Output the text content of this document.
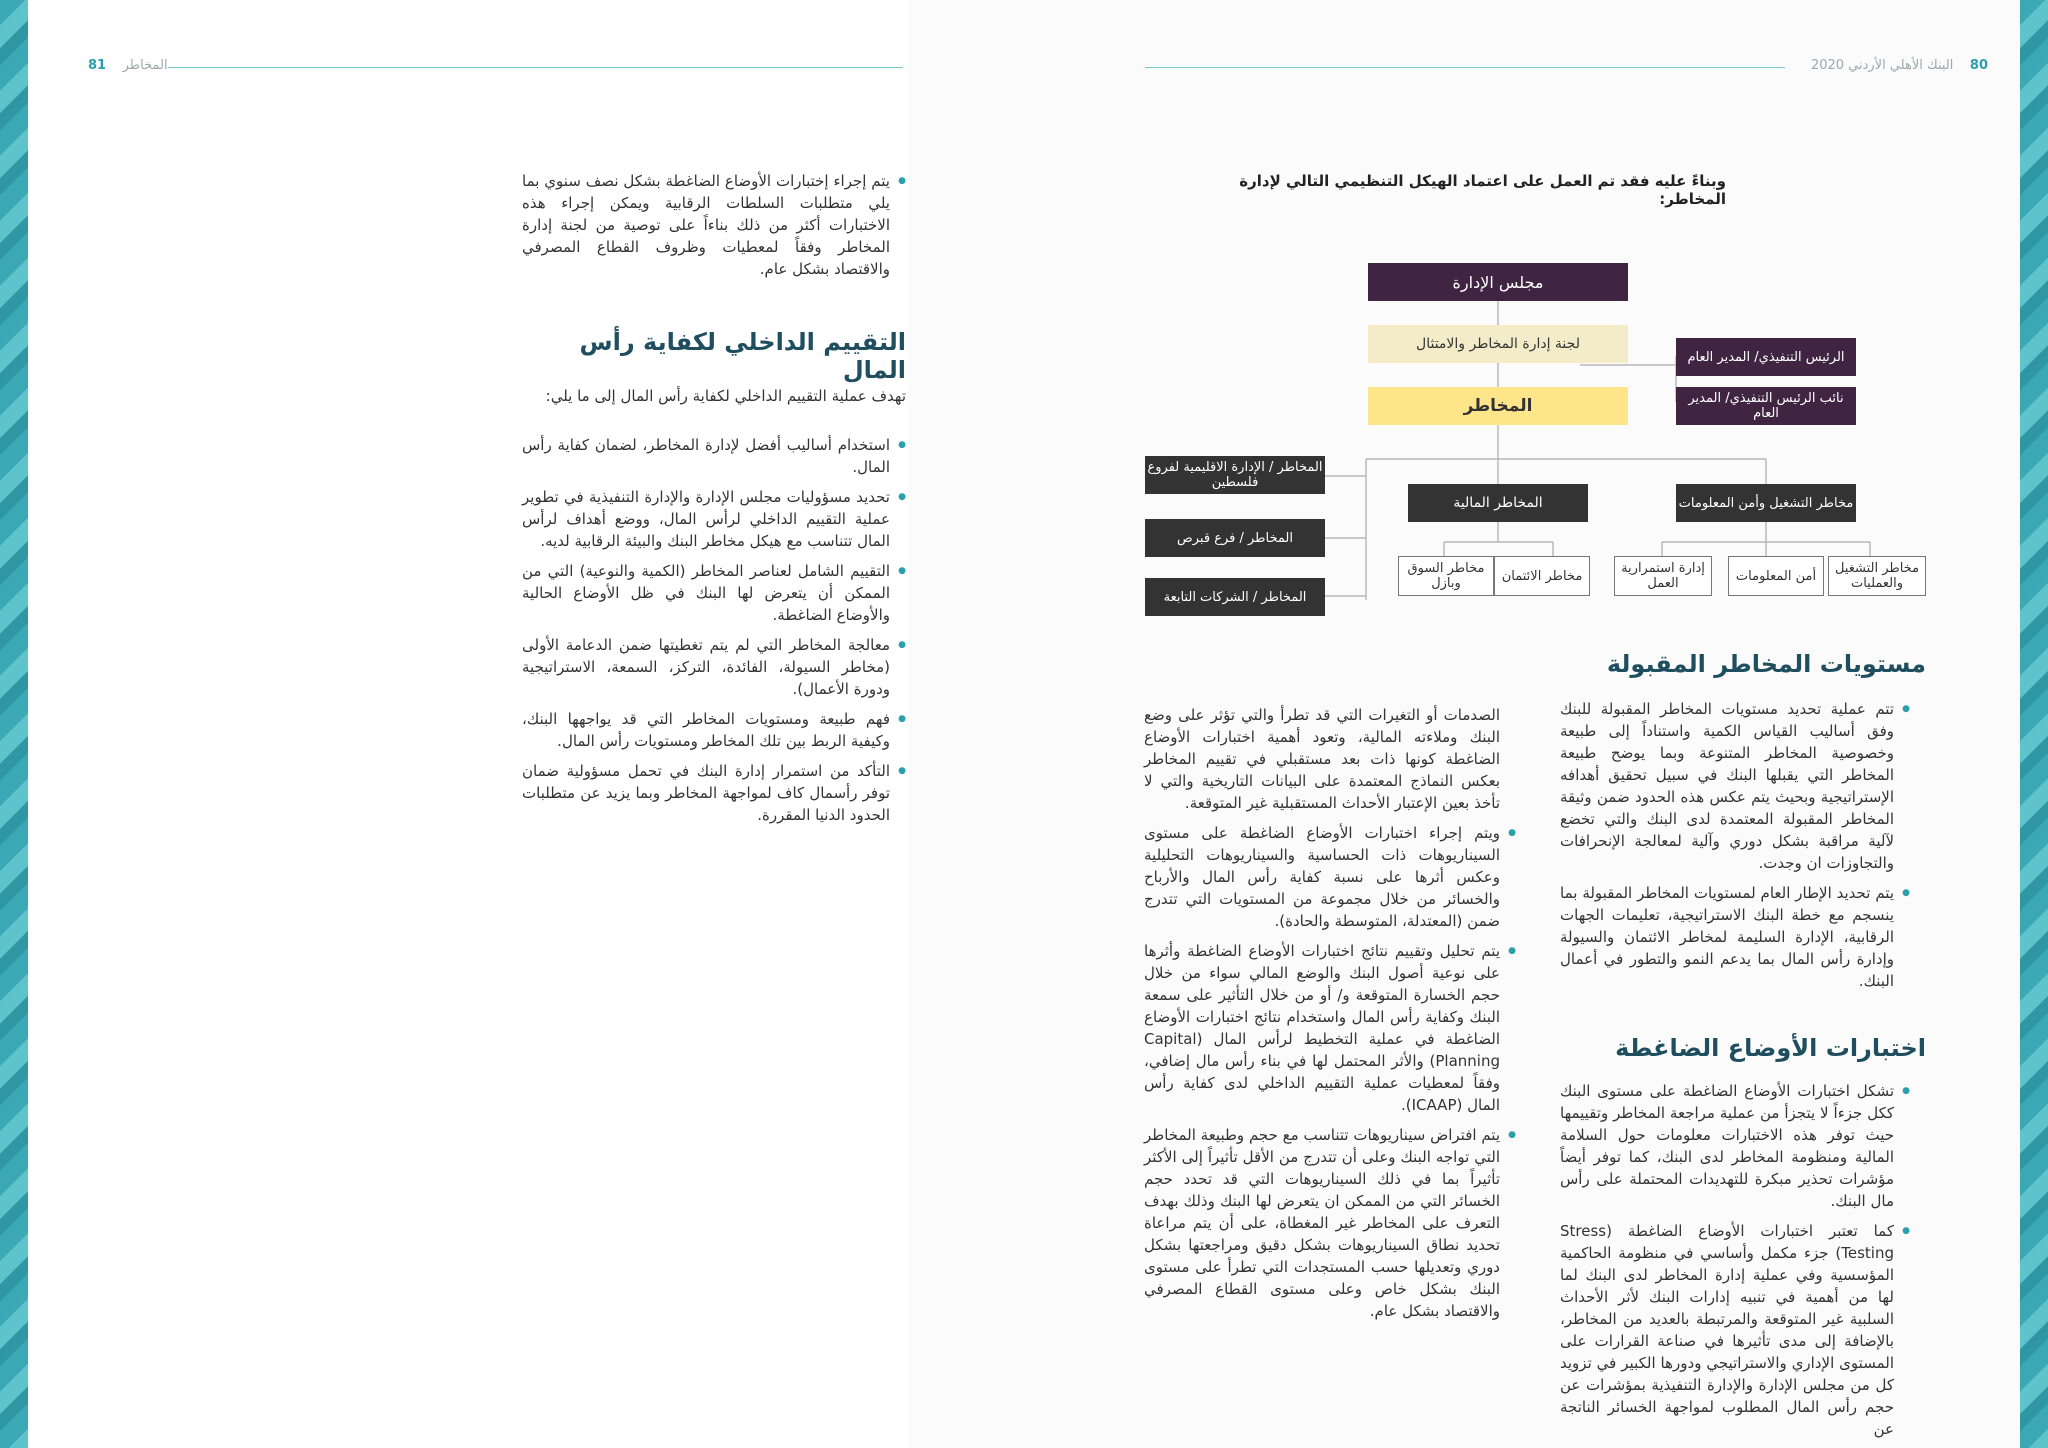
81 المخاطر
● يتم إجراء إختبارات الأوضاع الضاغطة بشكل نصف سنوي بما يلي متطلبات السلطات الرقابية ويمكن إجراء هذه الاختبارات أكثر من ذلك بناءاً على توصية من لجنة إدارة المخاطر وفقاً لمعطيات وظروف القطاع المصرفي والاقتصاد بشكل عام.
التقييم الداخلي لكفاية رأس المال
تهدف عملية التقييم الداخلي لكفاية رأس المال إلى ما يلي:
● استخدام أساليب أفضل لإدارة المخاطر، لضمان كفاية رأس المال.
● تحديد مسؤوليات مجلس الإدارة والإدارة التنفيذية في تطوير عملية التقييم الداخلي لرأس المال، ووضع أهداف لرأس المال تتناسب مع هيكل مخاطر البنك والبيئة الرقابية لديه.
● التقييم الشامل لعناصر المخاطر (الكمية والنوعية) التي من الممكن أن يتعرض لها البنك في ظل الأوضاع الحالية والأوضاع الضاغطة.
● معالجة المخاطر التي لم يتم تغطيتها ضمن الدعامة الأولى (مخاطر السيولة، الفائدة، التركز، السمعة، الاستراتيجية ودورة الأعمال).
● فهم طبيعة ومستويات المخاطر التي قد يواجهها البنك، وكيفية الربط بين تلك المخاطر ومستويات رأس المال.
● التأكد من استمرار إدارة البنك في تحمل مسؤولية ضمان توفر رأسمال كاف لمواجهة المخاطر وبما يزيد عن متطلبات الحدود الدنيا المقررة.
80    البنك الأهلي الأردني 2020
وبناءً عليه فقد تم العمل على اعتماد الهيكل التنظيمي التالي لإدارة المخاطر:
مجلس الإدارة
لجنة إدارة المخاطر والامتثال
المخاطر
الرئيس التنفيذي/ المدير العام
نائب الرئيس التنفيذي/ المدير العام
المخاطر / الإدارة الاقليمية لفروع فلسطين
المخاطر / فرع قبرص
المخاطر / الشركات التابعة
المخاطر المالية	مخاطر التشغيل وأمن المعلومات
مخاطر الائتمان
مخاطر السوق وبازل
مخاطر التشغيل والعمليات
أمن المعلومات
إدارة استمرارية العمل
مستويات المخاطر المقبولة
● تتم عملية تحديد مستويات المخاطر المقبولة للبنك وفق أساليب القياس الكمية واستناداً إلى طبيعة وخصوصية المخاطر المتنوعة وبما يوضح طبيعة المخاطر التي يقبلها البنك في سبيل تحقيق أهدافه الإستراتيجية وبحيث يتم عكس هذه الحدود ضمن وثيقة المخاطر المقبولة المعتمدة لدى البنك والتي تخضع لآلية مراقبة بشكل دوري وآلية لمعالجة الإنحرافات والتجاوزات ان وجدت.
● يتم تحديد الإطار العام لمستويات المخاطر المقبولة بما ينسجم مع خطة البنك الاستراتيجية، تعليمات الجهات الرقابية، الإدارة السليمة لمخاطر الائتمان والسيولة وإدارة رأس المال بما يدعم النمو والتطور في أعمال البنك.
اختبارات الأوضاع الضاغطة
● تشكل اختبارات الأوضاع الضاغطة على مستوى البنك ككل جزءاً لا يتجزأ من عملية مراجعة المخاطر وتقييمها حيث توفر هذه الاختبارات معلومات حول السلامة المالية ومنظومة المخاطر لدى البنك، كما توفر أيضاً مؤشرات تحذير مبكرة للتهديدات المحتملة على رأس مال البنك.
● كما تعتبر اختبارات الأوضاع الضاغطة (Stress Testing) جزء مكمل وأساسي في منظومة الحاكمية المؤسسية وفي عملية إدارة المخاطر لدى البنك لما لها من أهمية في تنبيه إدارات البنك لأثر الأحداث السلبية غير المتوقعة والمرتبطة بالعديد من المخاطر، بالإضافة إلى مدى تأثيرها في صناعة القرارات على المستوى الإداري والاستراتيجي ودورها الكبير في تزويد كل من مجلس الإدارة والإدارة التنفيذية بمؤشرات عن حجم رأس المال المطلوب لمواجهة الخسائر الناتجة عن

الصدمات أو التغيرات التي قد تطرأ والتي تؤثر على وضع البنك وملاءته المالية، وتعود أهمية اختبارات الأوضاع الضاغطة كونها ذات بعد مستقبلي في تقييم المخاطر بعكس النماذج المعتمدة على البيانات التاريخية والتي لا تأخذ بعين الإعتبار الأحداث المستقبلية غير المتوقعة.

● ويتم إجراء اختبارات الأوضاع الضاغطة على مستوى السيناريوهات ذات الحساسية والسيناريوهات التحليلية وعكس أثرها على نسبة كفاية رأس المال والأرباح والخسائر من خلال مجموعة من المستويات التي تتدرج ضمن (المعتدلة، المتوسطة والحادة).
● يتم تحليل وتقييم نتائج اختبارات الأوضاع الضاغطة وأثرها على نوعية أصول البنك والوضع المالي سواء من خلال حجم الخسارة المتوقعة و/ أو من خلال التأثير على سمعة البنك وكفاية رأس المال واستخدام نتائج اختبارات الأوضاع الضاغطة في عملية التخطيط لرأس المال (Capital Planning) والأثر المحتمل لها في بناء رأس مال إضافي، وفقاً لمعطيات عملية التقييم الداخلي لدى كفاية رأس المال (ICAAP).
● يتم افتراض سيناريوهات تتناسب مع حجم وطبيعة المخاطر التي تواجه البنك وعلى أن تتدرج من الأقل تأثيراً إلى الأكثر تأثيراً بما في ذلك السيناريوهات التي قد تحدد حجم الخسائر التي من الممكن ان يتعرض لها البنك وذلك بهدف التعرف على المخاطر غير المغطاة، على أن يتم مراعاة تحديد نطاق السيناريوهات بشكل دقيق ومراجعتها بشكل دوري وتعديلها حسب المستجدات التي تطرأ على مستوى البنك بشكل خاص وعلى مستوى القطاع المصرفي والاقتصاد بشكل عام.
